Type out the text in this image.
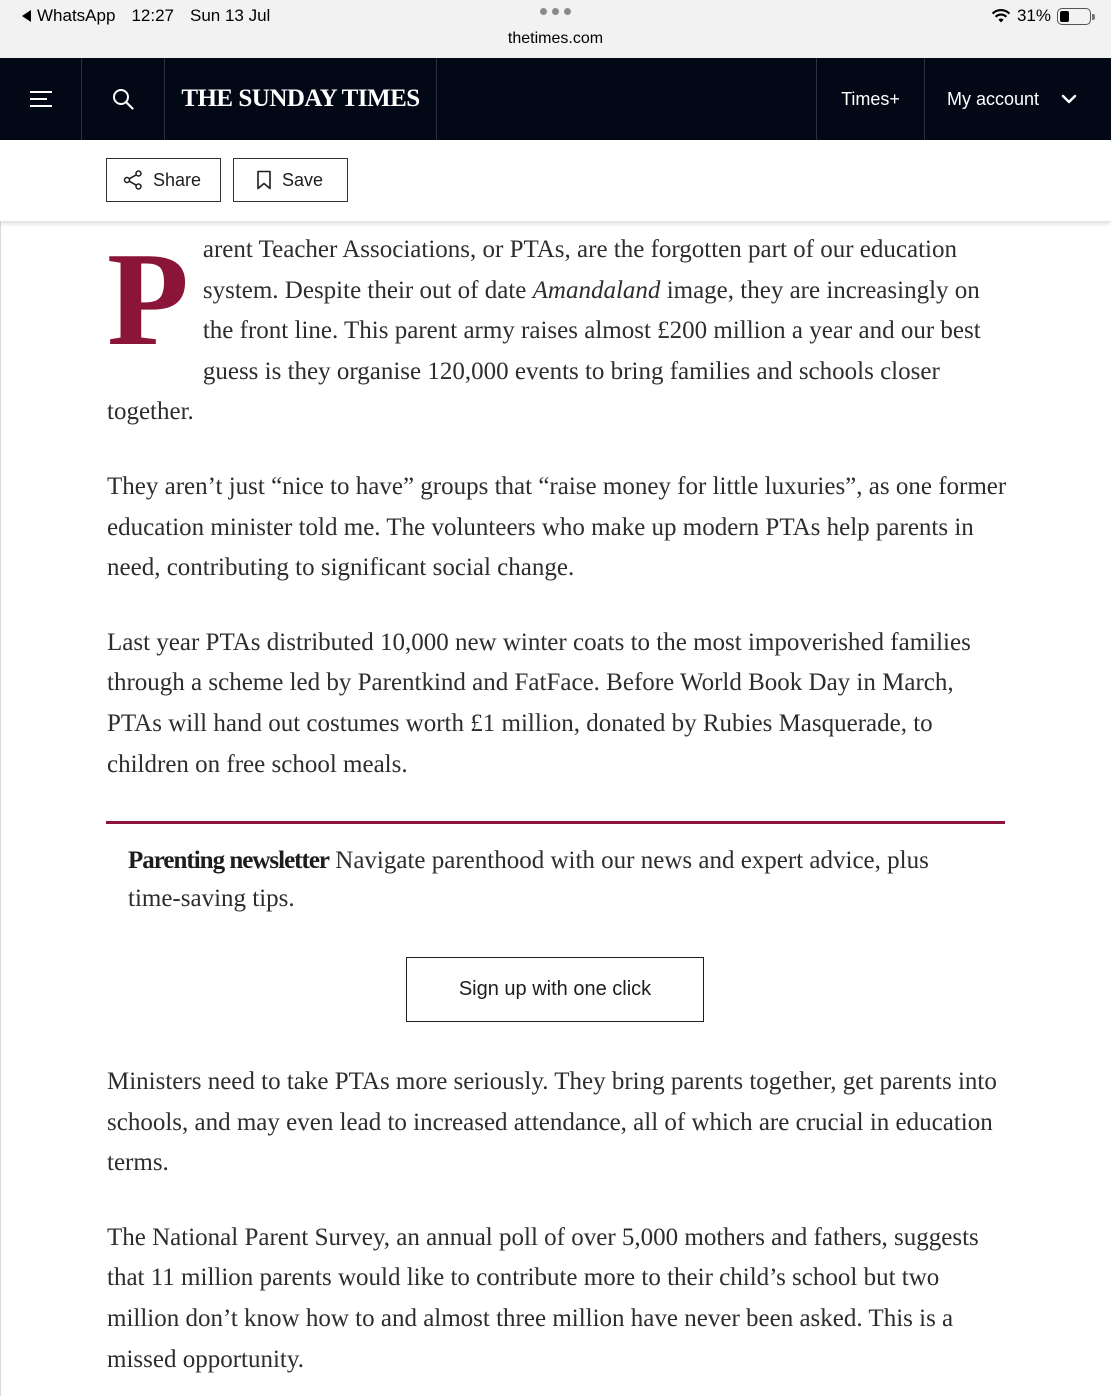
WhatsApp 12:27 Sun 13 Jul
thetimes.com
31%
THE SUNDAY TIMES	Times+	My account
Share	Save

Parent Teacher Associations, or PTAs, are the forgotten part of our education system. Despite their out of date Amandaland image, they are increasingly on the front line. This parent army raises almost £200 million a year and our best guess is they organise 120,000 events to bring families and schools closer together.

They aren’t just “nice to have” groups that “raise money for little luxuries”, as one former education minister told me. The volunteers who make up modern PTAs help parents in need, contributing to significant social change.

Last year PTAs distributed 10,000 new winter coats to the most impoverished families through a scheme led by Parentkind and FatFace. Before World Book Day in March, PTAs will hand out costumes worth £1 million, donated by Rubies Masquerade, to children on free school meals.

Parenting newsletter Navigate parenthood with our news and expert advice, plus time-saving tips.

Sign up with one click

Ministers need to take PTAs more seriously. They bring parents together, get parents into schools, and may even lead to increased attendance, all of which are crucial in education terms.

The National Parent Survey, an annual poll of over 5,000 mothers and fathers, suggests that 11 million parents would like to contribute more to their child’s school but two million don’t know how to and almost three million have never been asked. This is a missed opportunity.
